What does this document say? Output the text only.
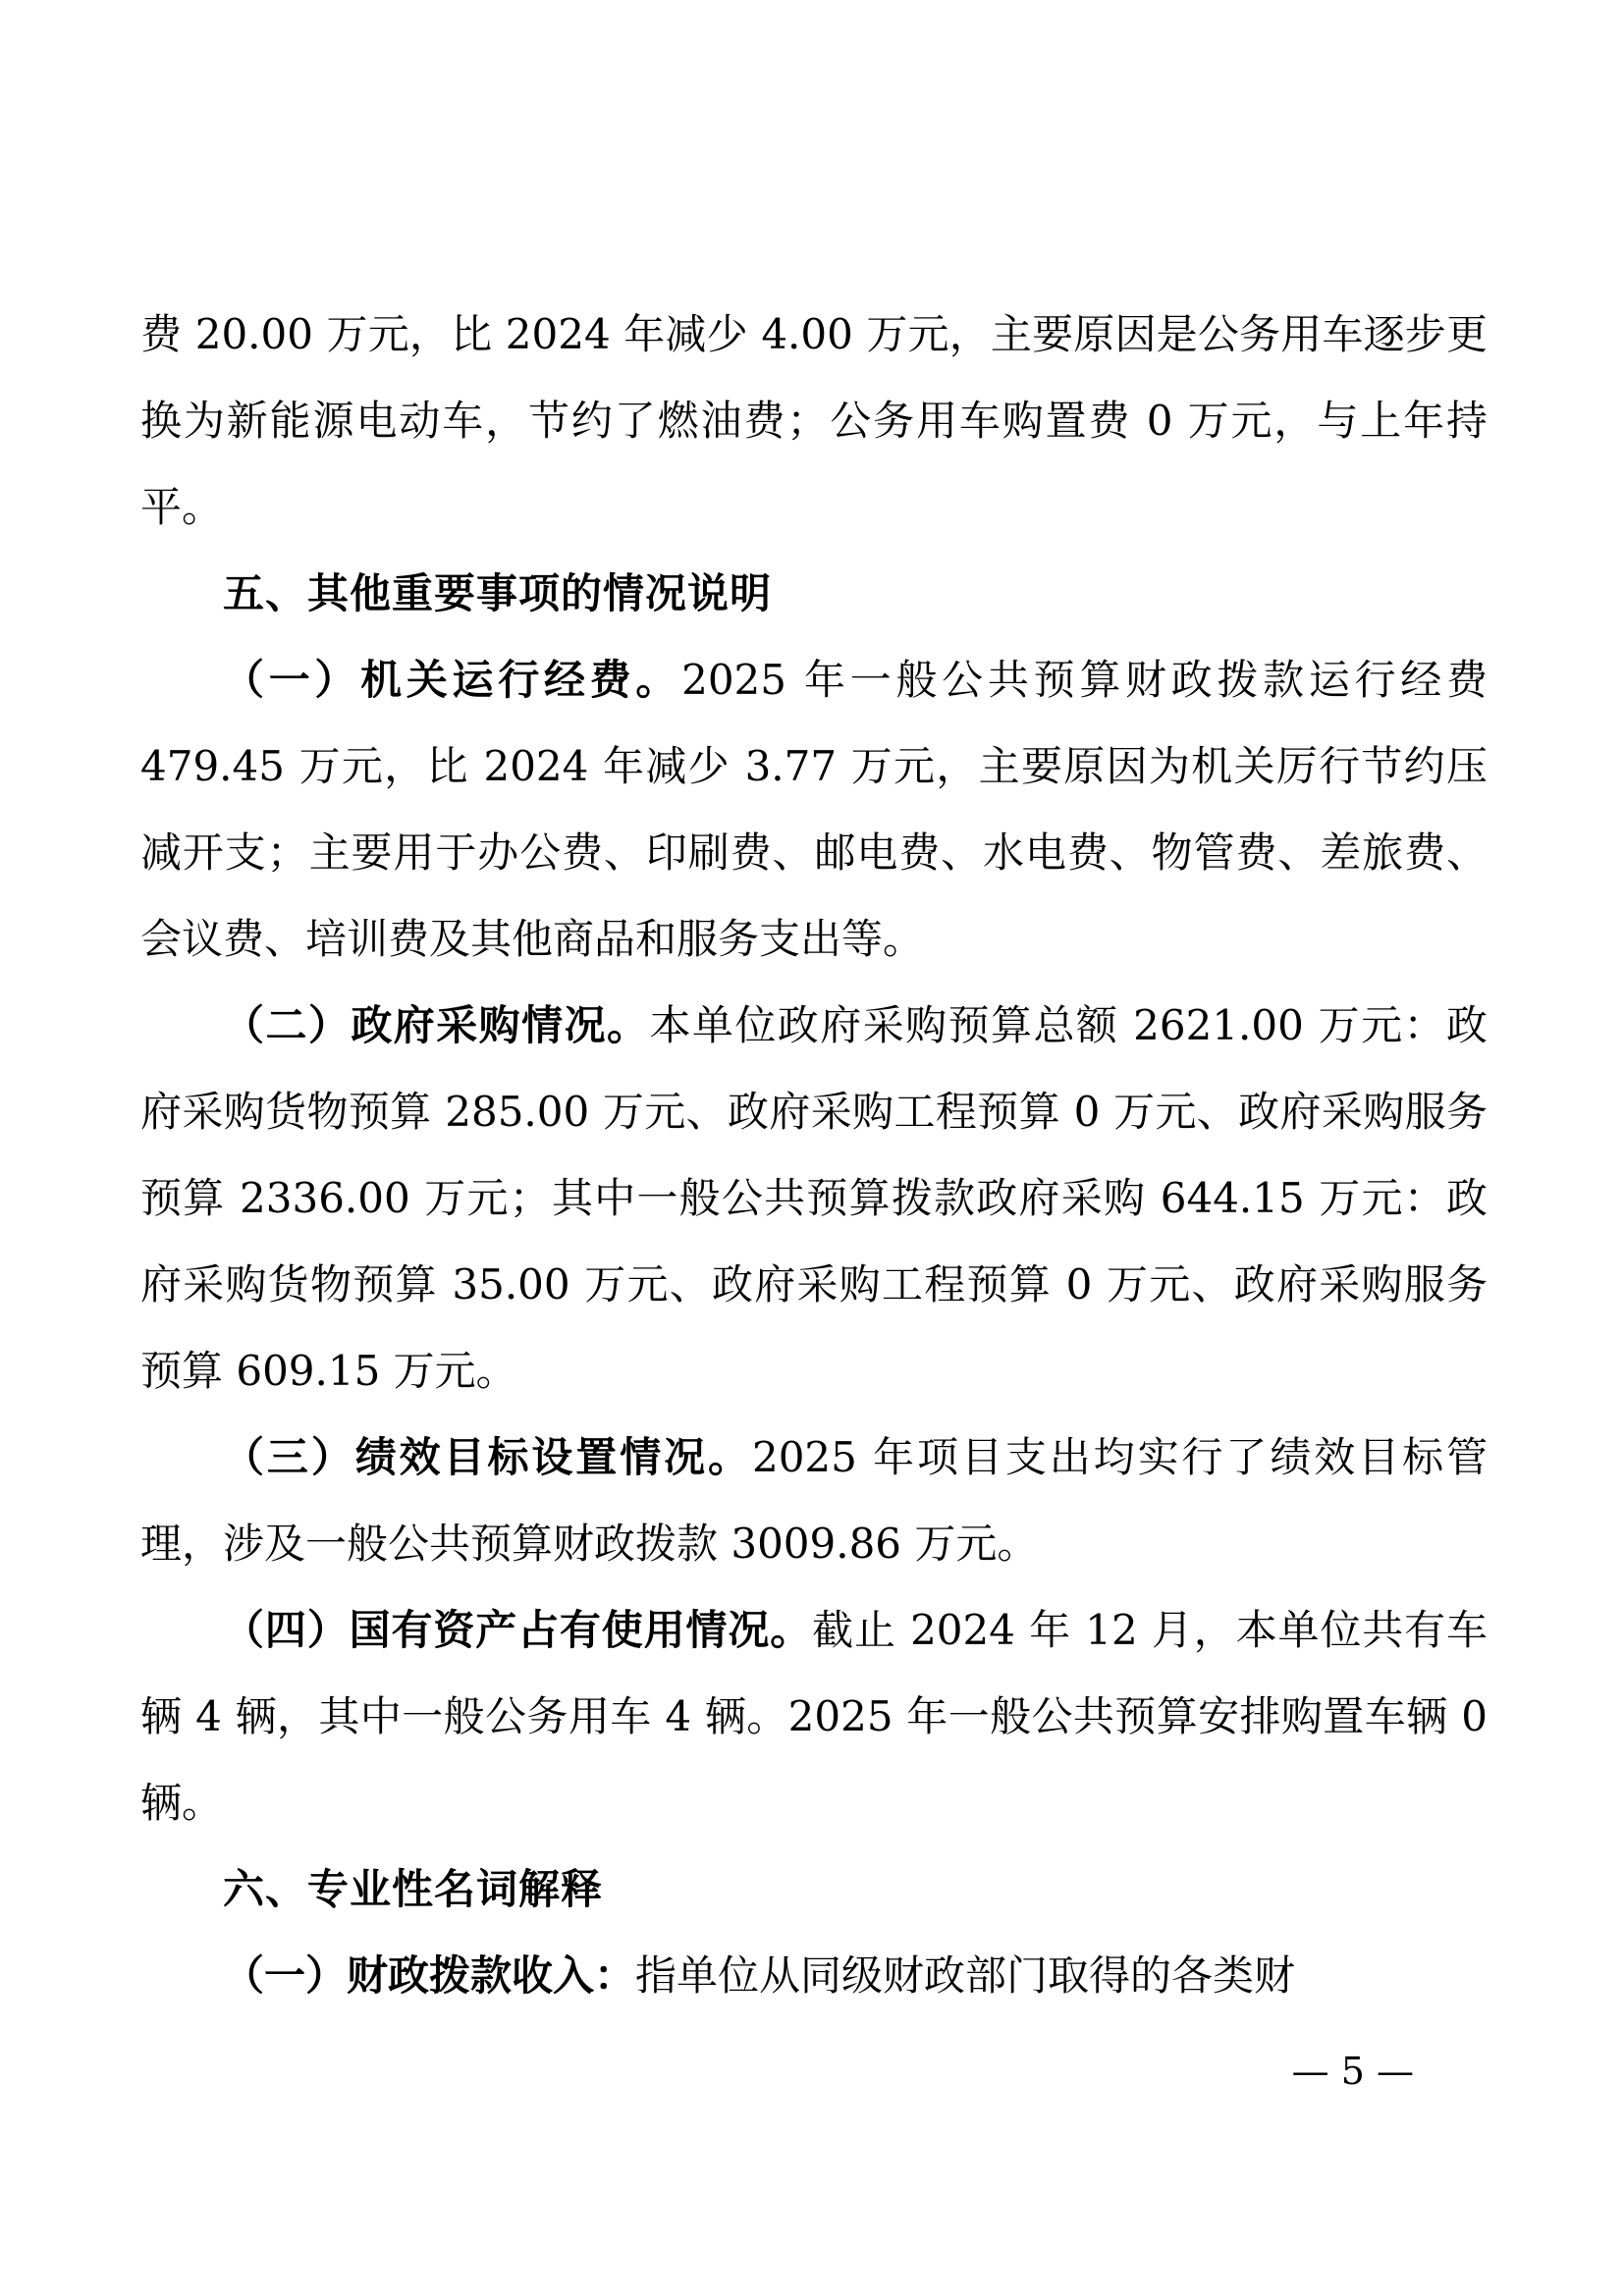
费 20.00 万元，比 2024 年减少 4.00 万元，主要原因是公务用车逐步更换为新能源电动车，节约了燃油费；公务用车购置费 0 万元，与上年持平。

五、其他重要事项的情况说明

（一）机关运行经费。2025 年一般公共预算财政拨款运行经费 479.45 万元，比 2024 年减少 3.77 万元，主要原因为机关厉行节约压减开支；主要用于办公费、印刷费、邮电费、水电费、物管费、差旅费、会议费、培训费及其他商品和服务支出等。

（二）政府采购情况。本单位政府采购预算总额 2621.00 万元：政府采购货物预算 285.00 万元、政府采购工程预算 0 万元、政府采购服务预算 2336.00 万元；其中一般公共预算拨款政府采购 644.15 万元：政府采购货物预算 35.00 万元、政府采购工程预算 0 万元、政府采购服务预算 609.15 万元。

（三）绩效目标设置情况。2025 年项目支出均实行了绩效目标管理，涉及一般公共预算财政拨款 3009.86 万元。

（四）国有资产占有使用情况。截止 2024 年 12 月，本单位共有车辆 4 辆，其中一般公务用车 4 辆。2025 年一般公共预算安排购置车辆 0 辆。

六、专业性名词解释

（一）财政拨款收入：指单位从同级财政部门取得的各类财

— 5 —
